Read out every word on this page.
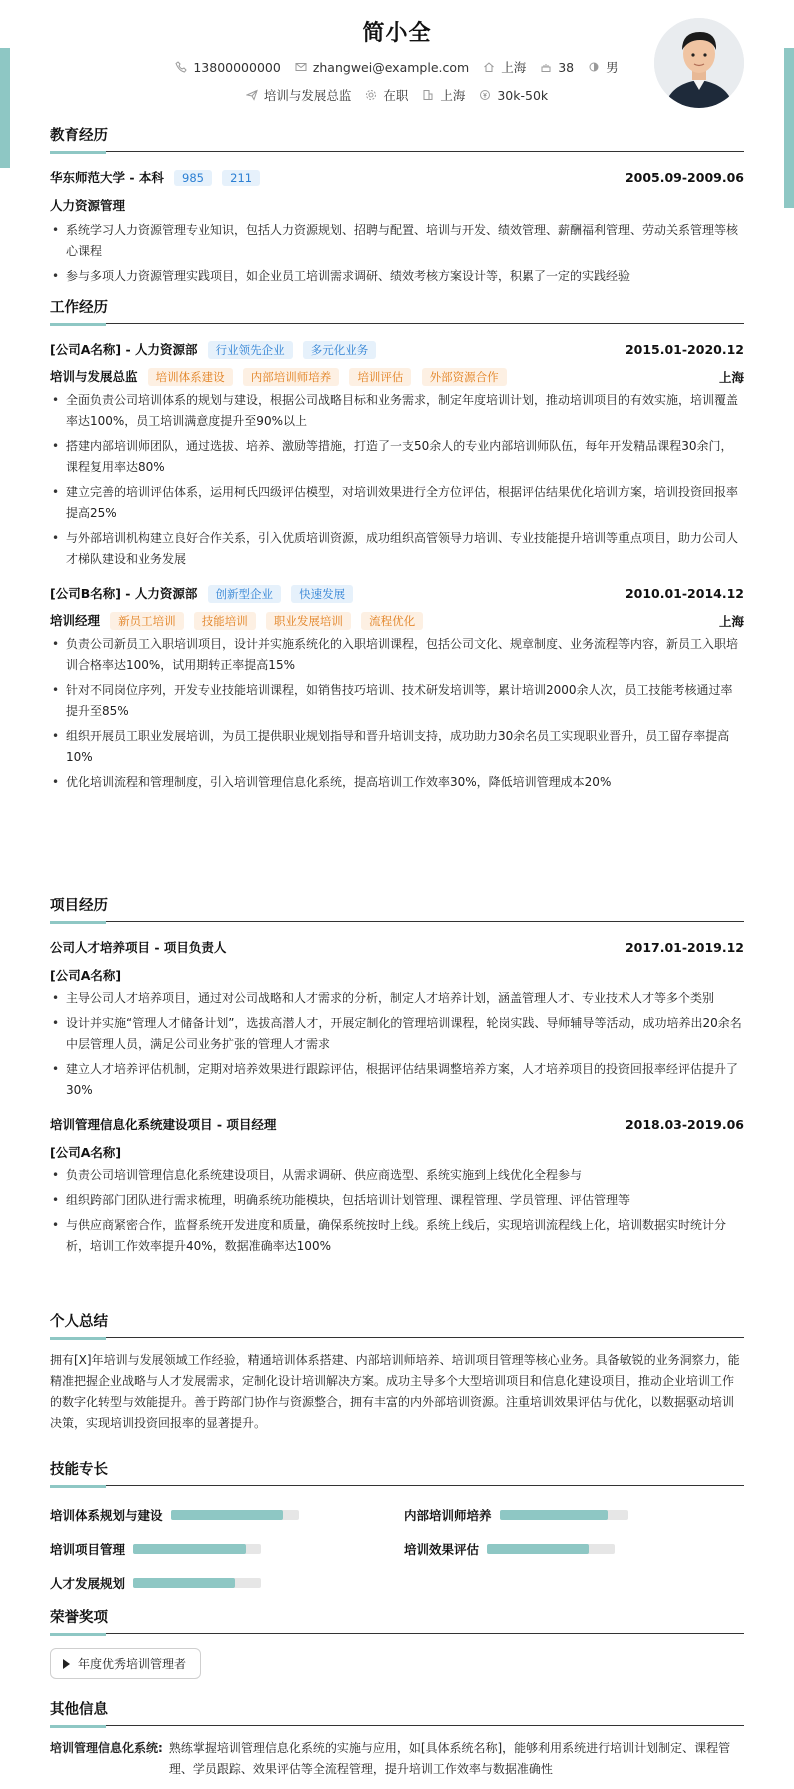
简小全
13800000000	zhangwei@example.com	上海	38	男
培训与发展总监	在职	上海	30k-50k
教育经历
华东师范大学 - 本科 985 211	2005.09-2009.06
人力资源管理
• 系统学习人力资源管理专业知识，包括人力资源规划、招聘与配置、培训与开发、绩效管理、薪酬福利管理、劳动关系管理等核心课程
• 参与多项人力资源管理实践项目，如企业员工培训需求调研、绩效考核方案设计等，积累了一定的实践经验
工作经历
[公司A名称] - 人力资源部 行业领先企业 多元化业务	2015.01-2020.12
培训与发展总监 培训体系建设 内部培训师培养 培训评估 外部资源合作	上海
• 全面负责公司培训体系的规划与建设，根据公司战略目标和业务需求，制定年度培训计划，推动培训项目的有效实施，培训覆盖率达100%，员工培训满意度提升至90%以上
• 搭建内部培训师团队，通过选拔、培养、激励等措施，打造了一支50余人的专业内部培训师队伍，每年开发精品课程30余门，课程复用率达80%
• 建立完善的培训评估体系，运用柯氏四级评估模型，对培训效果进行全方位评估，根据评估结果优化培训方案，培训投资回报率提高25%
• 与外部培训机构建立良好合作关系，引入优质培训资源，成功组织高管领导力培训、专业技能提升培训等重点项目，助力公司人才梯队建设和业务发展
[公司B名称] - 人力资源部 创新型企业 快速发展	2010.01-2014.12
培训经理 新员工培训 技能培训 职业发展培训 流程优化	上海
• 负责公司新员工入职培训项目，设计并实施系统化的入职培训课程，包括公司文化、规章制度、业务流程等内容，新员工入职培训合格率达100%，试用期转正率提高15%
• 针对不同岗位序列，开发专业技能培训课程，如销售技巧培训、技术研发培训等，累计培训2000余人次，员工技能考核通过率提升至85%
• 组织开展员工职业发展培训，为员工提供职业规划指导和晋升培训支持，成功助力30余名员工实现职业晋升，员工留存率提高10%
• 优化培训流程和管理制度，引入培训管理信息化系统，提高培训工作效率30%，降低培训管理成本20%
项目经历
公司人才培养项目 - 项目负责人	2017.01-2019.12
[公司A名称]
• 主导公司人才培养项目，通过对公司战略和人才需求的分析，制定人才培养计划，涵盖管理人才、专业技术人才等多个类别
• 设计并实施“管理人才储备计划”，选拔高潜人才，开展定制化的管理培训课程，轮岗实践、导师辅导等活动，成功培养出20余名中层管理人员，满足公司业务扩张的管理人才需求
• 建立人才培养评估机制，定期对培养效果进行跟踪评估，根据评估结果调整培养方案，人才培养项目的投资回报率经评估提升了30%
培训管理信息化系统建设项目 - 项目经理	2018.03-2019.06
[公司A名称]
• 负责公司培训管理信息化系统建设项目，从需求调研、供应商选型、系统实施到上线优化全程参与
• 组织跨部门团队进行需求梳理，明确系统功能模块，包括培训计划管理、课程管理、学员管理、评估管理等
• 与供应商紧密合作，监督系统开发进度和质量，确保系统按时上线。系统上线后，实现培训流程线上化，培训数据实时统计分析，培训工作效率提升40%，数据准确率达100%
个人总结
拥有[X]年培训与发展领域工作经验，精通培训体系搭建、内部培训师培养、培训项目管理等核心业务。具备敏锐的业务洞察力，能精准把握企业战略与人才发展需求，定制化设计培训解决方案。成功主导多个大型培训项目和信息化建设项目，推动企业培训工作的数字化转型与效能提升。善于跨部门协作与资源整合，拥有丰富的内外部培训资源。注重培训效果评估与优化，以数据驱动培训决策，实现培训投资回报率的显著提升。
技能专长
培训体系规划与建设	内部培训师培养
培训项目管理	培训效果评估
人才发展规划
荣誉奖项
年度优秀培训管理者
其他信息
培训管理信息化系统: 熟练掌握培训管理信息化系统的实施与应用，如[具体系统名称]，能够利用系统进行培训计划制定、课程管理、学员跟踪、效果评估等全流程管理，提升培训工作效率与数据准确性
